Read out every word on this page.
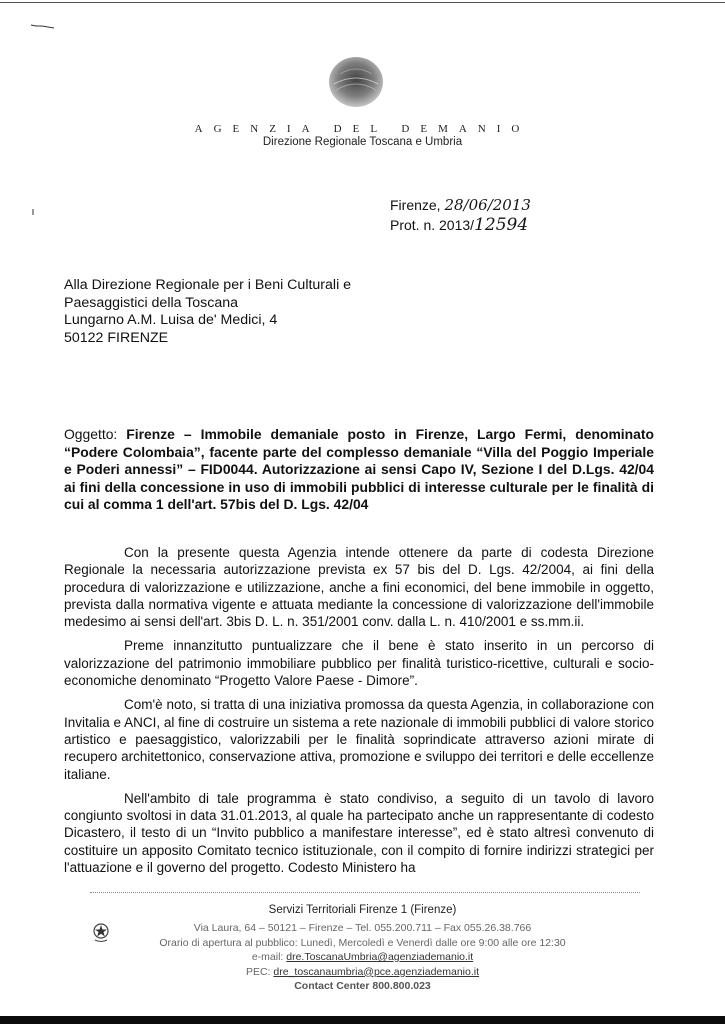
AGENZIA DEL DEMANIO
Direzione Regionale Toscana e Umbria
Firenze, 28/06/2013
Prot. n. 2013/12594
Alla Direzione Regionale per i Beni Culturali e
Paesaggistici della Toscana
Lungarno A.M. Luisa de' Medici, 4
50122 FIRENZE
Oggetto: Firenze – Immobile demaniale posto in Firenze, Largo Fermi, denominato “Podere Colombaia”, facente parte del complesso demaniale “Villa del Poggio Imperiale e Poderi annessi” – FID0044. Autorizzazione ai sensi Capo IV, Sezione I del D.Lgs. 42/04 ai fini della concessione in uso di immobili pubblici di interesse culturale per le finalità di cui al comma 1 dell'art. 57bis del D. Lgs. 42/04

Con la presente questa Agenzia intende ottenere da parte di codesta Direzione Regionale la necessaria autorizzazione prevista ex 57 bis del D. Lgs. 42/2004, ai fini della procedura di valorizzazione e utilizzazione, anche a fini economici, del bene immobile in oggetto, prevista dalla normativa vigente e attuata mediante la concessione di valorizzazione dell'immobile medesimo ai sensi dell'art. 3bis D. L. n. 351/2001 conv. dalla L. n. 410/2001 e ss.mm.ii.

Preme innanzitutto puntualizzare che il bene è stato inserito in un percorso di valorizzazione del patrimonio immobiliare pubblico per finalità turistico-ricettive, culturali e socio-economiche denominato “Progetto Valore Paese - Dimore”.

Com'è noto, si tratta di una iniziativa promossa da questa Agenzia, in collaborazione con Invitalia e ANCI, al fine di costruire un sistema a rete nazionale di immobili pubblici di valore storico artistico e paesaggistico, valorizzabili per le finalità soprindicate attraverso azioni mirate di recupero architettonico, conservazione attiva, promozione e sviluppo dei territori e delle eccellenze italiane.

Nell'ambito di tale programma è stato condiviso, a seguito di un tavolo di lavoro congiunto svoltosi in data 31.01.2013, al quale ha partecipato anche un rappresentante di codesto Dicastero, il testo di un “Invito pubblico a manifestare interesse”, ed è stato altresì convenuto di costituire un apposito Comitato tecnico istituzionale, con il compito di fornire indirizzi strategici per l'attuazione e il governo del progetto. Codesto Ministero ha

Servizi Territoriali Firenze 1 (Firenze)
Via Laura, 64 – 50121 – Firenze – Tel. 055.200.711 – Fax 055.26.38.766
Orario di apertura al pubblico: Lunedì, Mercoledì e Venerdì dalle ore 9:00 alle ore 12:30
e-mail: dre.ToscanaUmbria@agenziademanio.it
PEC: dre_toscanaumbria@pce.agenziademanio.it
Contact Center 800.800.023
